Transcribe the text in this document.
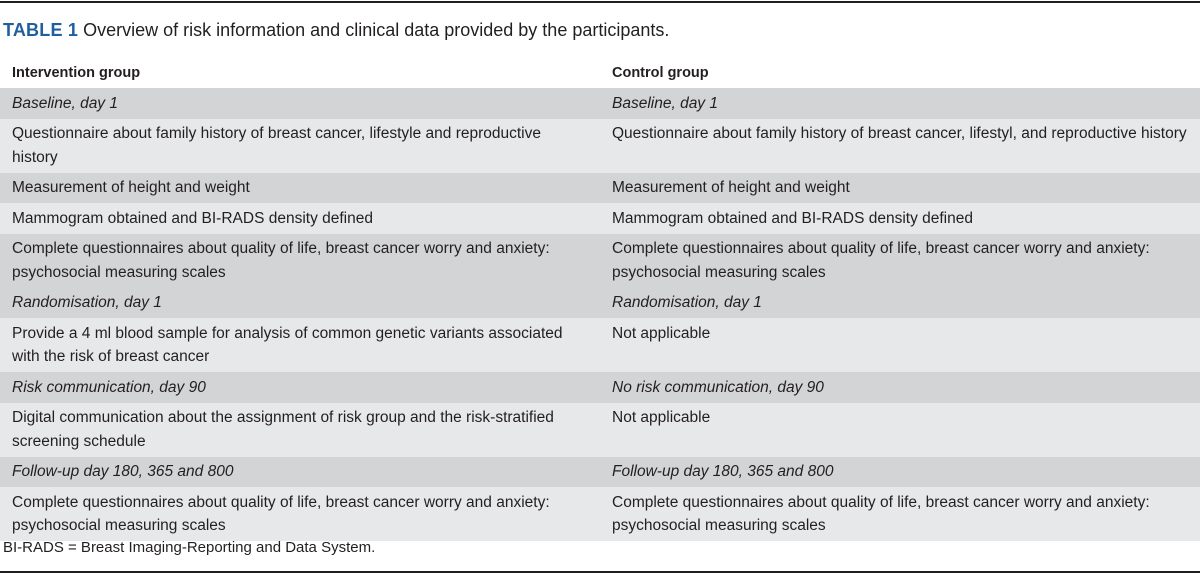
TABLE 1 Overview of risk information and clinical data provided by the participants.
Intervention group	Control group
Baseline, day 1	Baseline, day 1
Questionnaire about family history of breast cancer, lifestyle and reproductive history	Questionnaire about family history of breast cancer, lifestyl, and reproductive history
Measurement of height and weight	Measurement of height and weight
Mammogram obtained and BI-RADS density defined	Mammogram obtained and BI-RADS density defined
Complete questionnaires about quality of life, breast cancer worry and anxiety: psychosocial measuring scales	Complete questionnaires about quality of life, breast cancer worry and anxiety: psychosocial measuring scales
Randomisation, day 1	Randomisation, day 1
Provide a 4 ml blood sample for analysis of common genetic variants associated with the risk of breast cancer	Not applicable
Risk communication, day 90	No risk communication, day 90
Digital communication about the assignment of risk group and the risk-stratified screening schedule	Not applicable
Follow-up day 180, 365 and 800	Follow-up day 180, 365 and 800
Complete questionnaires about quality of life, breast cancer worry and anxiety: psychosocial measuring scales	Complete questionnaires about quality of life, breast cancer worry and anxiety: psychosocial measuring scales
BI-RADS = Breast Imaging-Reporting and Data System.
